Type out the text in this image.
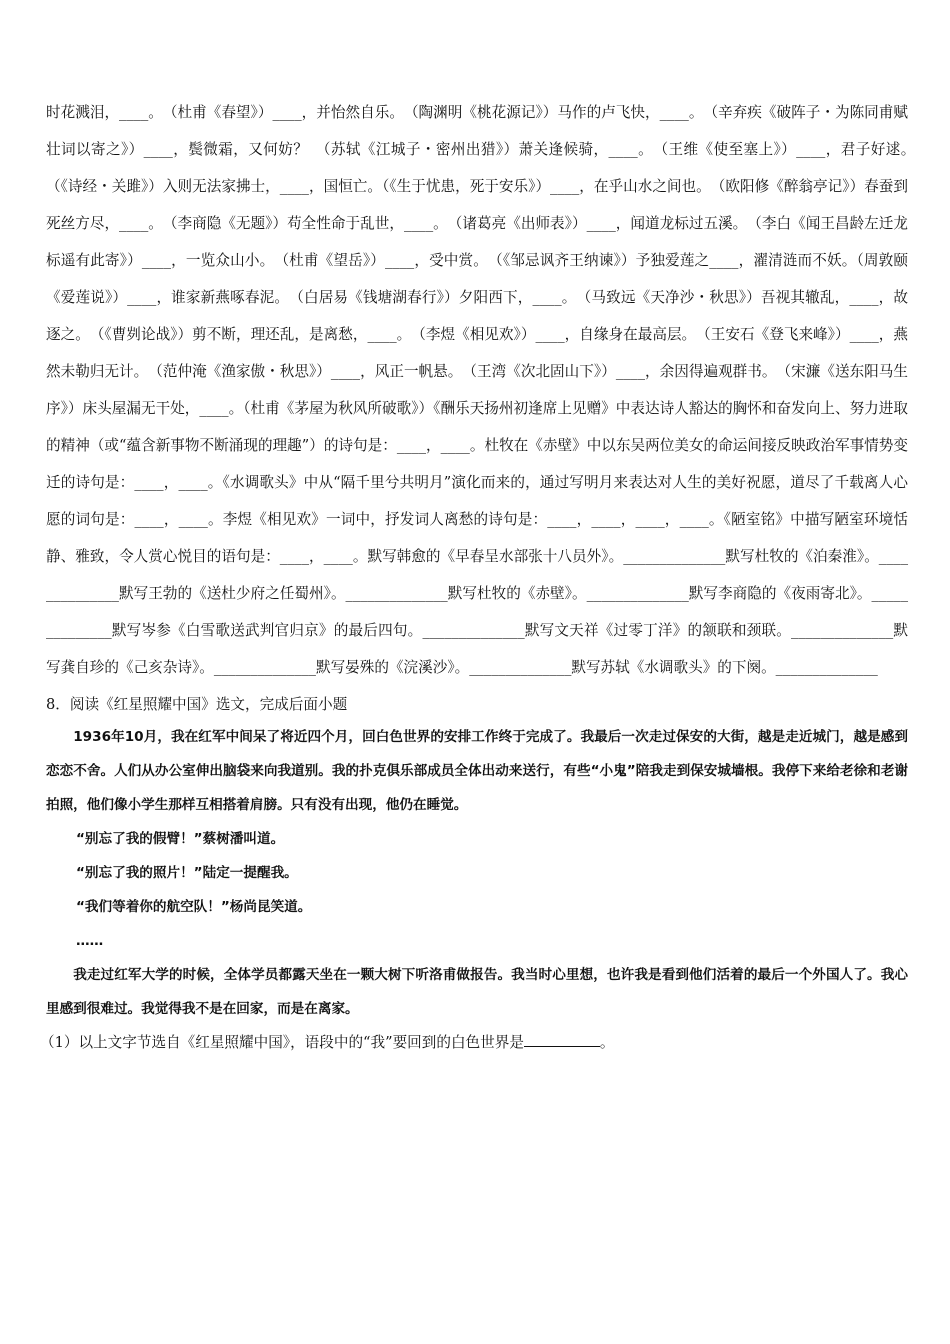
时花溅泪，____。　（杜甫《春望》）____，并怡然自乐。　（陶渊明《桃花源记》）马作的卢飞快，____。　（辛弃疾《破阵子・为陈同甫赋壮词以寄之》）____，鬓微霜，又何妨？　（苏轼《江城子・密州出猎》）萧关逢候骑，____。　（王维《使至塞上》）____，君子好逑。　（《诗经・关雎》）入则无法家拂士，____，国恒亡。（《生于忧患，死于安乐》）____，在乎山水之间也。　（欧阳修《醉翁亭记》）春蚕到死丝方尽，____。　（李商隐《无题》）苟全性命于乱世，____。　（诸葛亮《出师表》）____，闻道龙标过五溪。　（李白《闻王昌龄左迁龙标遥有此寄》）____，一览众山小。　（杜甫《望岳》）____，受中赏。　（《邹忌讽齐王纳谏》）予独爱莲之____，濯清涟而不妖。（周敦颐《爱莲说》）____，谁家新燕啄春泥。　（白居易《钱塘湖春行》）夕阳西下，____。　（马致远《天净沙・秋思》）吾视其辙乱，____，故逐之。　（《曹刿论战》）剪不断，理还乱，是离愁，____。　（李煜《相见欢》）____，自缘身在最高层。　（王安石《登飞来峰》）____，燕然未勒归无计。　（范仲淹《渔家傲・秋思》）____，风正一帆悬。　（王湾《次北固山下》）____，余因得遍观群书。　（宋濂《送东阳马生序》）床头屋漏无干处，____。（杜甫《茅屋为秋风所破歌》）《酬乐天扬州初逢席上见赠》中表达诗人豁达的胸怀和奋发向上、努力进取的精神（或“蕴含新事物不断涌现的理趣”）的诗句是：____，____。杜牧在《赤壁》中以东吴两位美女的命运间接反映政治军事情势变迁的诗句是：____，____。《水调歌头》中从“隔千里兮共明月”演化而来的，通过写明月来表达对人生的美好祝愿，道尽了千载离人心愿的词句是：____，____。李煜《相见欢》一词中，抒发词人离愁的诗句是：____，____，____，____。《陋室铭》中描写陋室环境恬静、雅致，令人赏心悦目的语句是：____，____。默写韩愈的《早春呈水部张十八员外》。______________默写杜牧的《泊秦淮》。______________默写王勃的《送杜少府之任蜀州》。______________默写杜牧的《赤壁》。______________默写李商隐的《夜雨寄北》。______________默写岑参《白雪歌送武判官归京》的最后四句。______________默写文天祥《过零丁洋》的颔联和颈联。______________默写龚自珍的《己亥杂诗》。______________默写晏殊的《浣溪沙》。______________默写苏轼《水调歌头》的下阕。______________

8．阅读《红星照耀中国》选文，完成后面小题

1936年10月，我在红军中间呆了将近四个月，回白色世界的安排工作终于完成了。我最后一次走过保安的大街，越是走近城门，越是感到恋恋不舍。人们从办公室伸出脑袋来向我道别。我的扑克俱乐部成员全体出动来送行，有些“小鬼”陪我走到保安城墙根。我停下来给老徐和老谢拍照，他们像小学生那样互相搭着肩膀。只有没有出现，他仍在睡觉。

“别忘了我的假臂！”蔡树潘叫道。

“别忘了我的照片！”陆定一提醒我。

“我们等着你的航空队！”杨尚昆笑道。

……

我走过红军大学的时候，全体学员都露天坐在一颗大树下听洛甫做报告。我当时心里想，也许我是看到他们活着的最后一个外国人了。我心里感到很难过。我觉得我不是在回家，而是在离家。

（1）以上文字节选自《红星照耀中国》，语段中的“我”要回到的白色世界是	。
